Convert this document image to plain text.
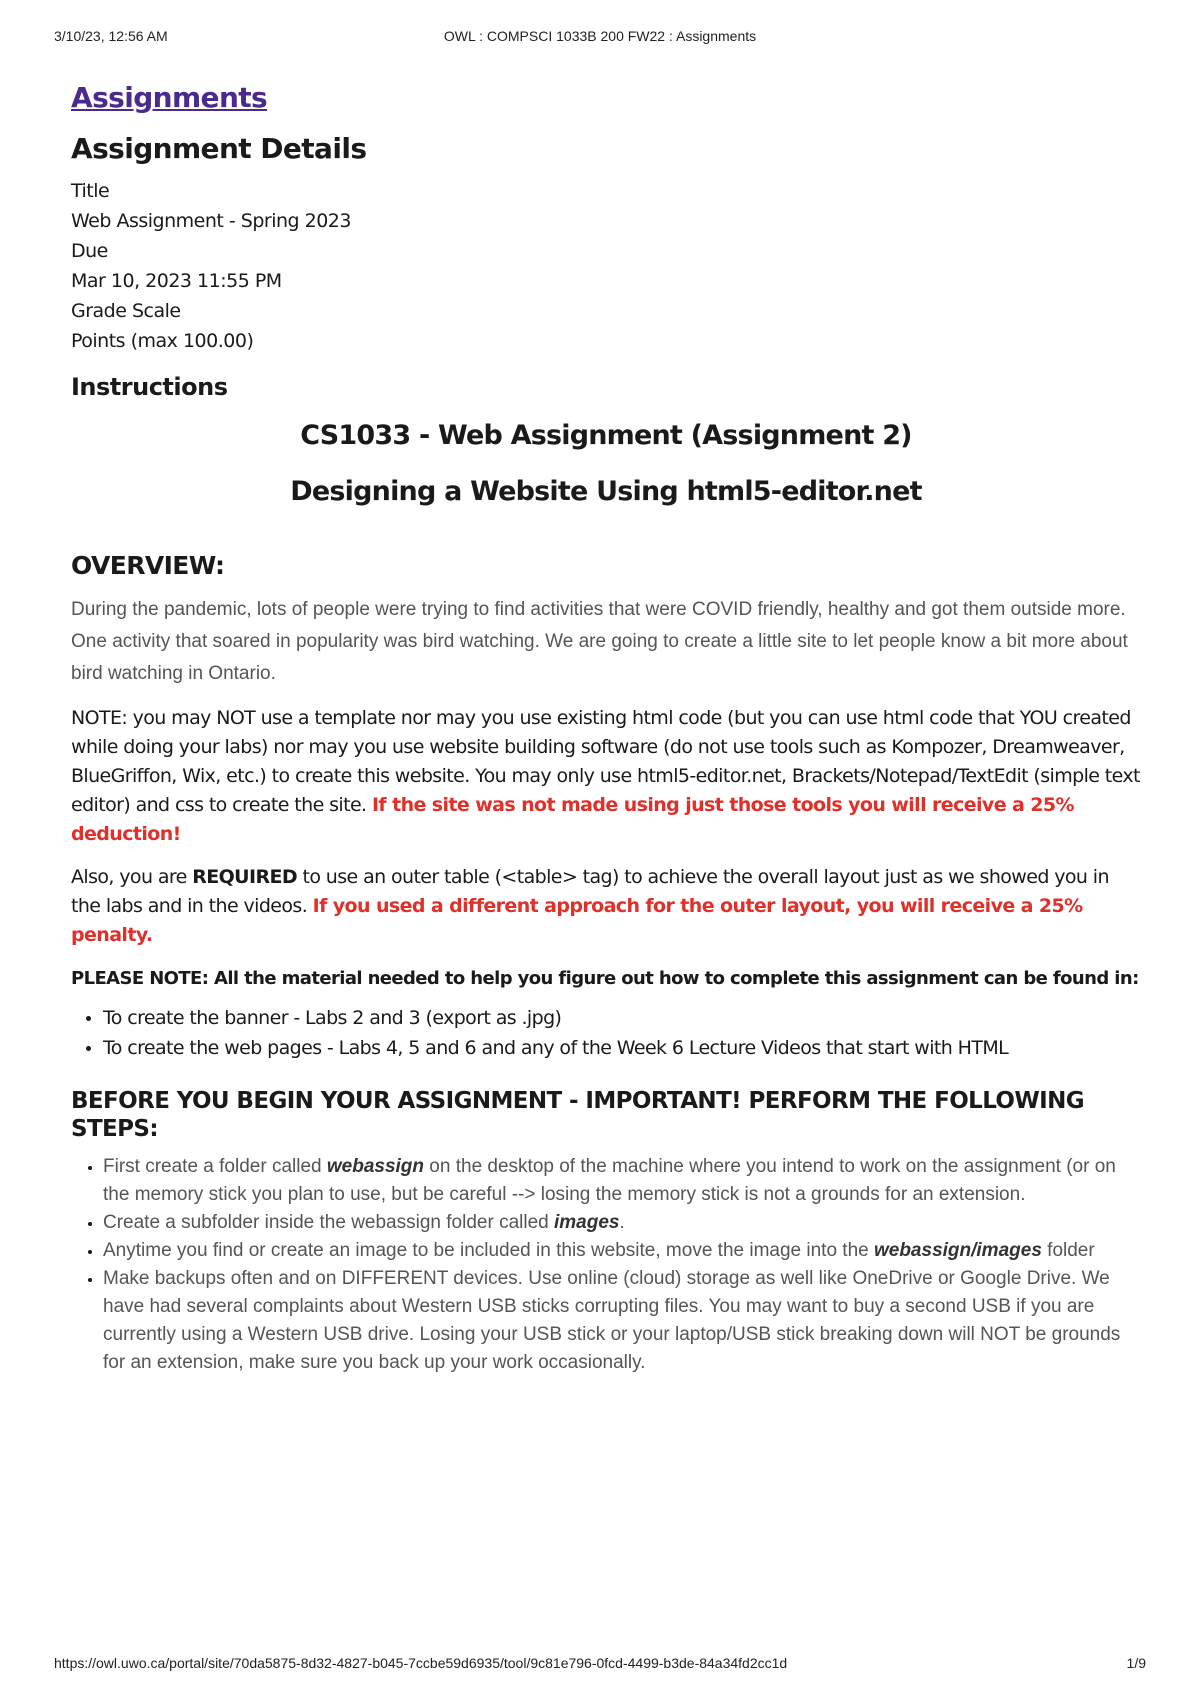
3/10/23, 12:56 AM	OWL : COMPSCI 1033B 200 FW22 : Assignments
Assignments
Assignment Details
Title
Web Assignment - Spring 2023
Due
Mar 10, 2023 11:55 PM
Grade Scale
Points (max 100.00)
Instructions

CS1033 - Web Assignment (Assignment 2)

Designing a Website Using html5-editor.net

OVERVIEW:

During the pandemic, lots of people were trying to find activities that were COVID friendly, healthy and got them outside more. One activity that soared in popularity was bird watching. We are going to create a little site to let people know a bit more about bird watching in Ontario.

NOTE: you may NOT use a template nor may you use existing html code (but you can use html code that YOU created while doing your labs) nor may you use website building software (do not use tools such as Kompozer, Dreamweaver, BlueGriffon, Wix, etc.) to create this website. You may only use html5-editor.net, Brackets/Notepad/TextEdit (simple text editor) and css to create the site. If the site was not made using just those tools you will receive a 25% deduction!

Also, you are REQUIRED to use an outer table (<table> tag) to achieve the overall layout just as we showed you in the labs and in the videos. If you used a different approach for the outer layout, you will receive a 25% penalty.

PLEASE NOTE: All the material needed to help you figure out how to complete this assignment can be found in:

• To create the banner - Labs 2 and 3 (export as .jpg)
• To create the web pages - Labs 4, 5 and 6 and any of the Week 6 Lecture Videos that start with HTML
BEFORE YOU BEGIN YOUR ASSIGNMENT - IMPORTANT! PERFORM THE FOLLOWING STEPS:
• First create a folder called webassign on the desktop of the machine where you intend to work on the assignment (or on the memory stick you plan to use, but be careful --> losing the memory stick is not a grounds for an extension.
• Create a subfolder inside the webassign folder called images.
• Anytime you find or create an image to be included in this website, move the image into the webassign/images folder
• Make backups often and on DIFFERENT devices. Use online (cloud) storage as well like OneDrive or Google Drive. We have had several complaints about Western USB sticks corrupting files. You may want to buy a second USB if you are currently using a Western USB drive. Losing your USB stick or your laptop/USB stick breaking down will NOT be grounds for an extension, make sure you back up your work occasionally.
https://owl.uwo.ca/portal/site/70da5875-8d32-4827-b045-7ccbe59d6935/tool/9c81e796-0fcd-4499-b3de-84a34fd2cc1d	1/9
